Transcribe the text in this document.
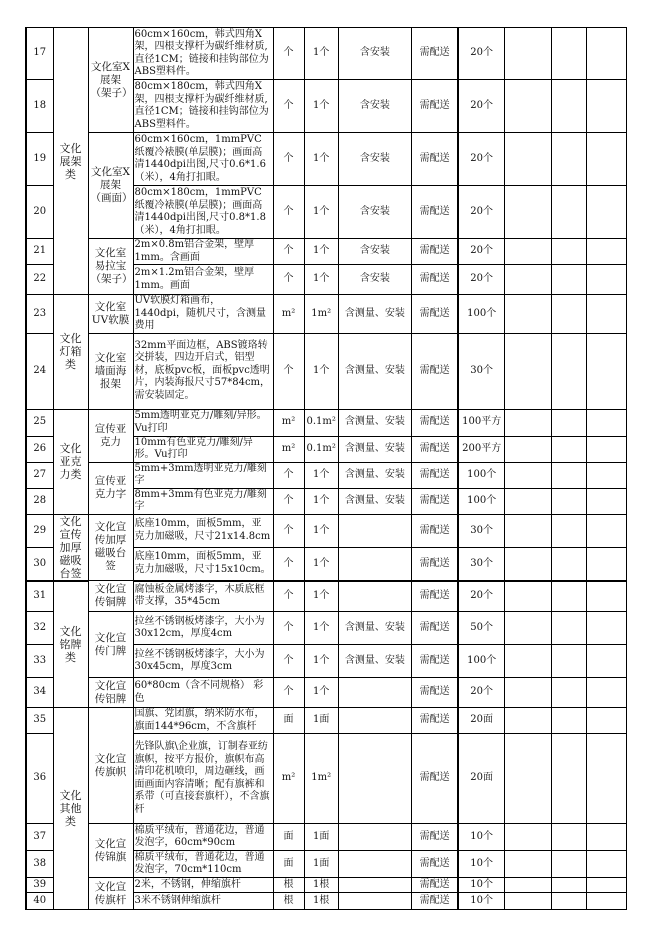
17	文化展架类	文化室X展架（架子）	60cm×160cm，韩式四角X架，四根支撑杆为碳纤维材质,直径1CM；链接和挂钩部位为ABS塑料件。	个	1个	含安装	需配送	20个			
18			80cm×180cm，韩式四角X架，四根支撑杆为碳纤维材质,直径1CM；链接和挂钩部位为ABS塑料件。	个	1个	含安装	需配送	20个			
19		文化室X展架（画面）	60cm×160cm，1mmPVC纸覆冷裱膜(单层膜)；画面高清1440dpi出图,尺寸0.6*1.6（米），4角打扣眼。	个	1个	含安装	需配送	20个			
20			80cm×180cm，1mmPVC纸覆冷裱膜(单层膜)；画面高清1440dpi出图,尺寸0.8*1.8（米），4角打扣眼。	个	1个	含安装	需配送	20个			
21		文化室易拉宝（架子）	2m×0.8m铝合金架，壁厚1mm。含画面	个	1个	含安装	需配送	20个			
22			2m×1.2m铝合金架，壁厚1mm。画面	个	1个	含安装	需配送	20个			
23	文化灯箱类	文化室UV软膜	UV软膜灯箱画布，1440dpi，随机尺寸，含测量费用	m²	1m²	含测量、安装	需配送	100个			
24		文化室墙面海报架	32mm平面边框，ABS镀珞转交拼装，四边开启式，铝型材，底板pvc板，面板pvc透明片，内装海报尺寸57*84cm，需安装固定。	个	1个	含测量、安装	需配送	30个			
25	文化亚克力类	宣传亚克力	5mm透明亚克力/雕刻/异形。Vu打印	m²	0.1m²	含测量、安装	需配送	100平方			
26			10mm有色亚克力/雕刻/异形。Vu打印	m²	0.1m²	含测量、安装	需配送	200平方			
27		宣传亚克力字	5mm+3mm透明亚克力/雕刻字	个	1个	含测量、安装	需配送	100个			
28			8mm+3mm有色亚克力/雕刻字	个	1个	含测量、安装	需配送	100个			
29	文化宣传加厚磁吸台签	文化宣传加厚磁吸台签	底座10mm，面板5mm，亚克力加磁吸，尺寸21x14.8cm	个	1个		需配送	30个			
30			底座10mm，面板5mm，亚克力加磁吸，尺寸15x10cm。	个	1个		需配送	30个			
31	文化铭牌类	文化宣传铜牌	腐蚀板金属烤漆字，木质底框带支撑，35*45cm	个	1个		需配送	20个			
32		文化宣传门牌	拉丝不锈钢板烤漆字，大小为30x12cm，厚度4cm	个	1个	含测量、安装	需配送	50个			
33			拉丝不锈钢板烤漆字，大小为30x45cm，厚度3cm	个	1个	含测量、安装	需配送	100个			
34		文化宣传铝牌	60*80cm（含不同规格） 彩色	个	1个		需配送	20个			
35	文化其他类	文化宣传旗帜	国旗、党团旗，纳米防水布，旗面144*96cm，不含旗杆	面	1面		需配送	20面			
36			先锋队旗\企业旗，订制春亚纺旗帜，按平方报价，旗帜布高清印花机喷印，周边砸线，画面画面内容清晰；配有旗裤和系带（可直接套旗杆），不含旗杆	m²	1m²		需配送	20面			
37		文化宣传锦旗	棉质平绒布，普通花边，普通发泡字，60cm*90cm	面	1面		需配送	10个			
38			棉质平绒布，普通花边，普通发泡字，70cm*110cm	面	1面		需配送	10个			
39		文化宣传旗杆	2米，不锈钢，伸缩旗杆	根	1根		需配送	10个			
40			3米不锈钢伸缩旗杆	根	1根		需配送	10个			
